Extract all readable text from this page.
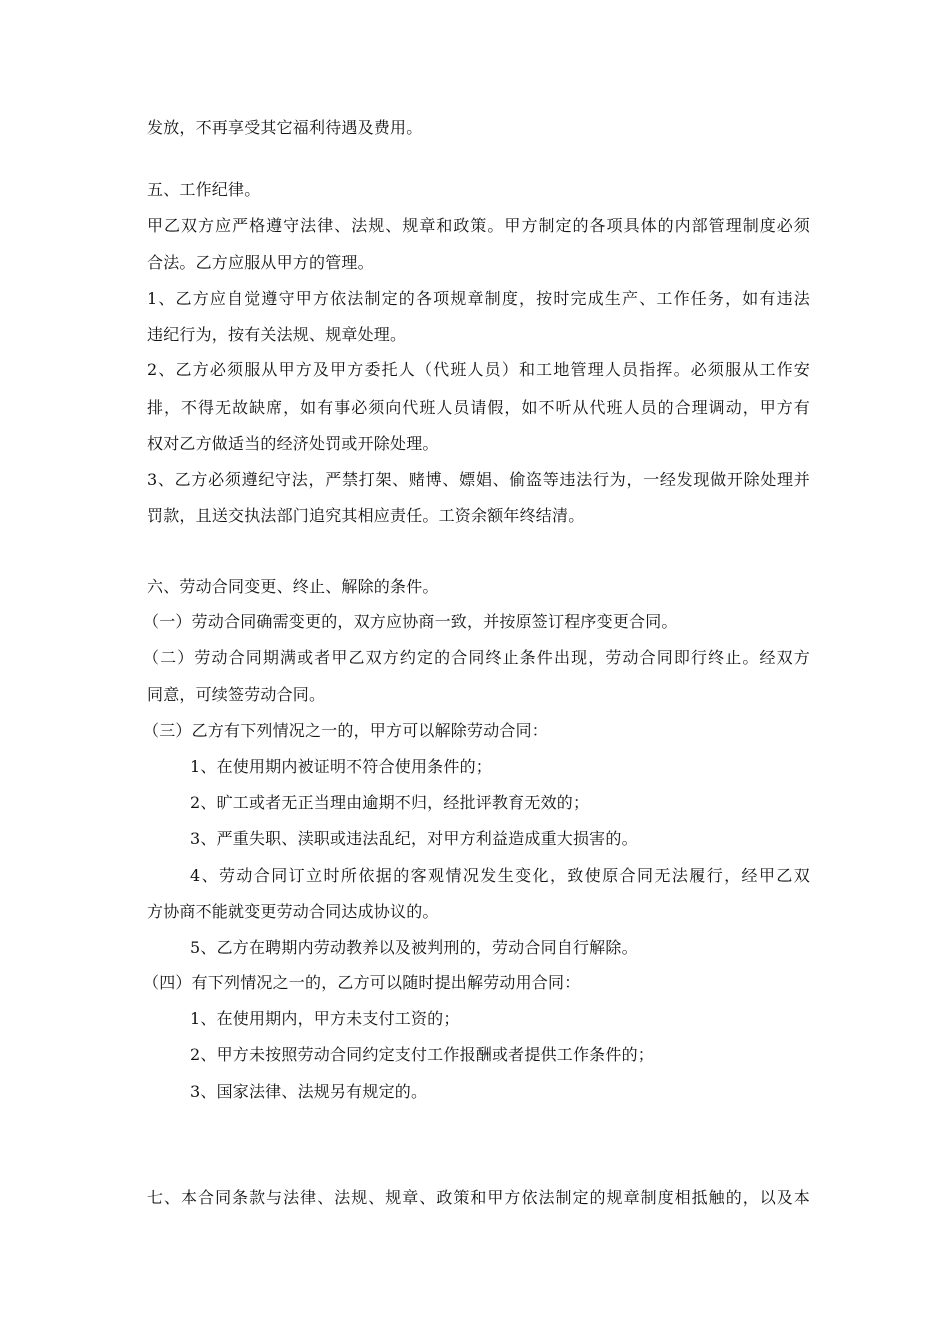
发放，不再享受其它福利待遇及费用。
五、工作纪律。
甲乙双方应严格遵守法律、法规、规章和政策。甲方制定的各项具体的内部管理制度必须
合法。乙方应服从甲方的管理。
1、乙方应自觉遵守甲方依法制定的各项规章制度，按时完成生产、工作任务，如有违法
违纪行为，按有关法规、规章处理。
2、乙方必须服从甲方及甲方委托人（代班人员）和工地管理人员指挥。必须服从工作安
排，不得无故缺席，如有事必须向代班人员请假，如不听从代班人员的合理调动，甲方有
权对乙方做适当的经济处罚或开除处理。
3、乙方必须遵纪守法，严禁打架、赌博、嫖娼、偷盗等违法行为，一经发现做开除处理并
罚款，且送交执法部门追究其相应责任。工资余额年终结清。
六、劳动合同变更、终止、解除的条件。
（一）劳动合同确需变更的，双方应协商一致，并按原签订程序变更合同。
（二）劳动合同期满或者甲乙双方约定的合同终止条件出现，劳动合同即行终止。经双方
同意，可续签劳动合同。
（三）乙方有下列情况之一的，甲方可以解除劳动合同：
1、在使用期内被证明不符合使用条件的；
2、旷工或者无正当理由逾期不归，经批评教育无效的；
3、严重失职、渎职或违法乱纪，对甲方利益造成重大损害的。
4、劳动合同订立时所依据的客观情况发生变化，致使原合同无法履行，经甲乙双
方协商不能就变更劳动合同达成协议的。
5、乙方在聘期内劳动教养以及被判刑的，劳动合同自行解除。
（四）有下列情况之一的，乙方可以随时提出解劳动用合同：
1、在使用期内，甲方未支付工资的；
2、甲方未按照劳动合同约定支付工作报酬或者提供工作条件的；
3、国家法律、法规另有规定的。
七、本合同条款与法律、法规、规章、政策和甲方依法制定的规章制度相抵触的，以及本
